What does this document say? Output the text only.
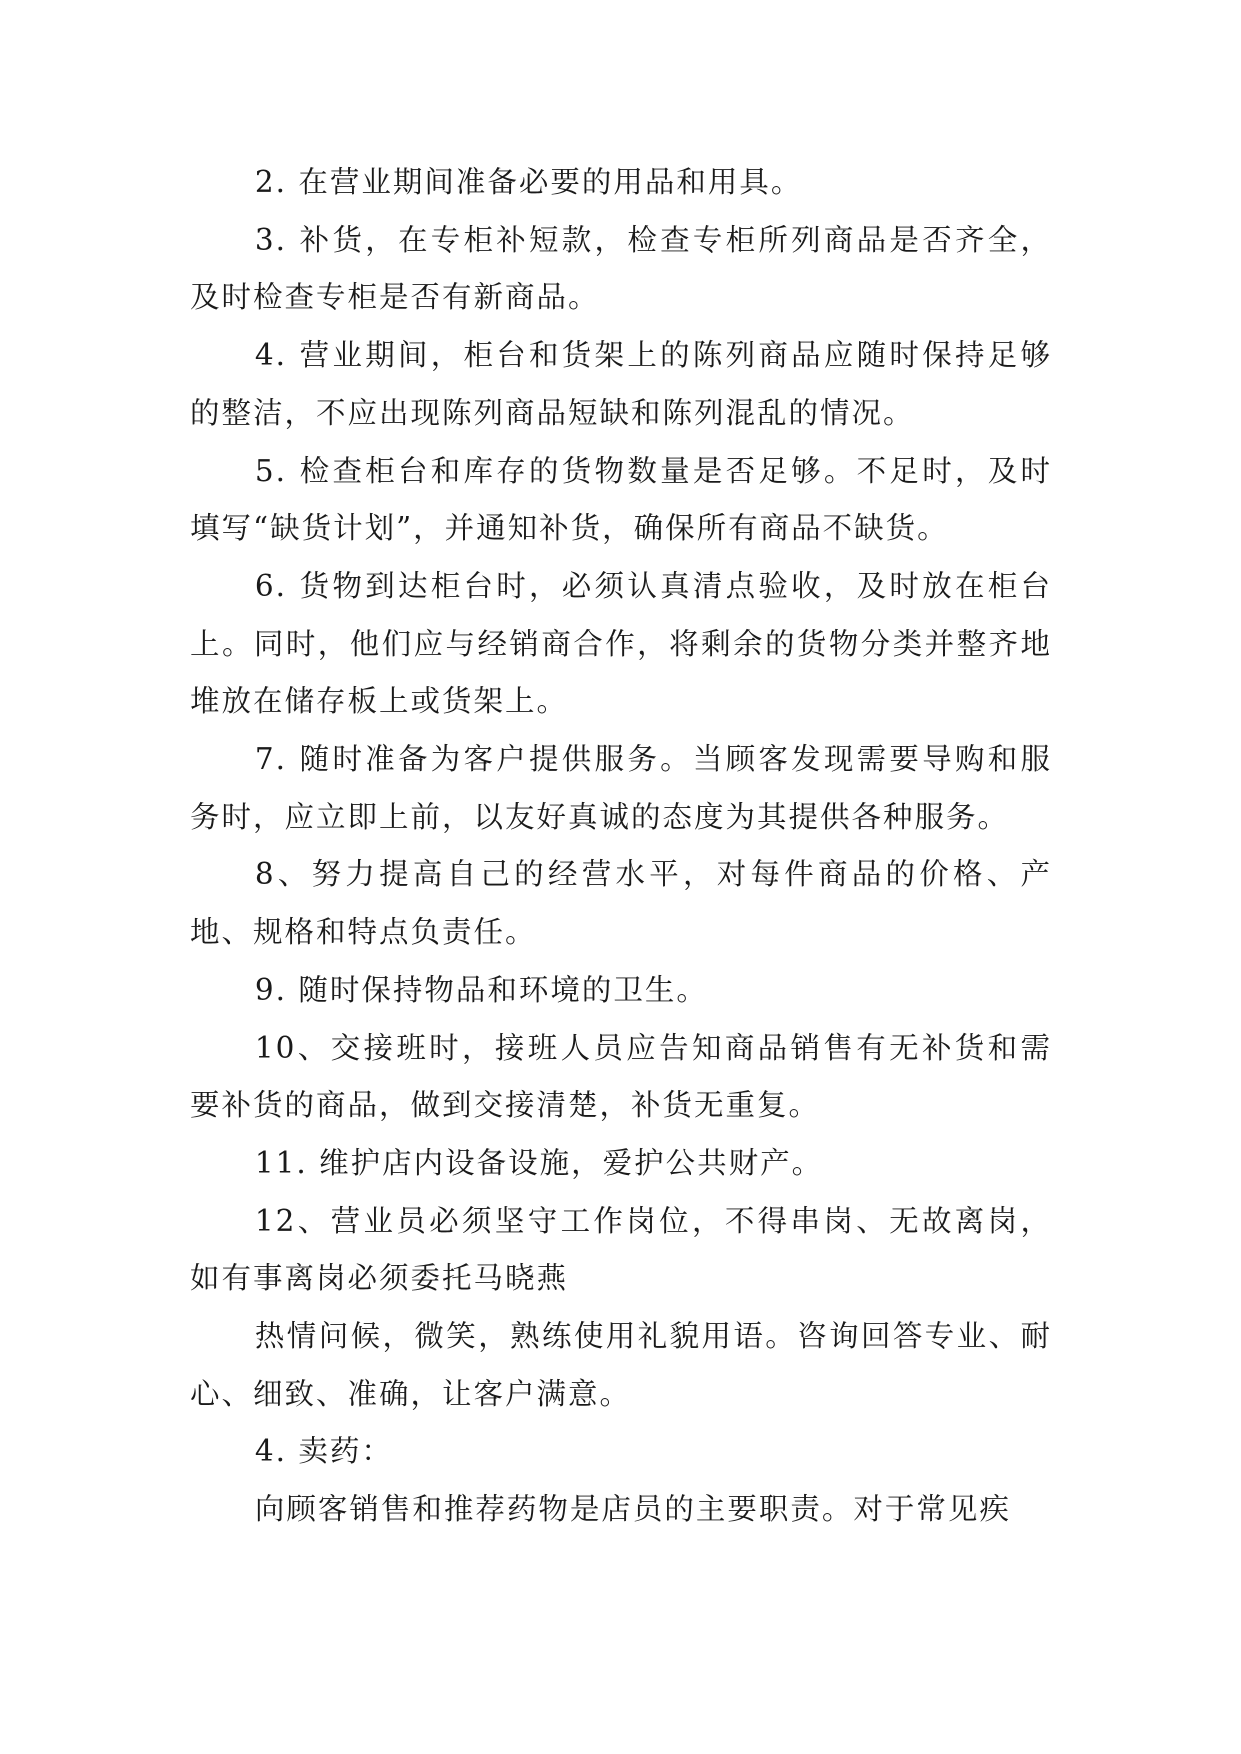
2. 在营业期间准备必要的用品和用具。

3. 补货，在专柜补短款，检查专柜所列商品是否齐全，及时检查专柜是否有新商品。

4. 营业期间，柜台和货架上的陈列商品应随时保持足够的整洁，不应出现陈列商品短缺和陈列混乱的情况。

5. 检查柜台和库存的货物数量是否足够。不足时，及时填写“缺货计划”，并通知补货，确保所有商品不缺货。

6. 货物到达柜台时，必须认真清点验收，及时放在柜台上。同时，他们应与经销商合作，将剩余的货物分类并整齐地堆放在储存板上或货架上。

7. 随时准备为客户提供服务。当顾客发现需要导购和服务时，应立即上前，以友好真诚的态度为其提供各种服务。

8、努力提高自己的经营水平，对每件商品的价格、产地、规格和特点负责任。

9. 随时保持物品和环境的卫生。

10、交接班时，接班人员应告知商品销售有无补货和需要补货的商品，做到交接清楚，补货无重复。

11. 维护店内设备设施，爱护公共财产。

12、营业员必须坚守工作岗位，不得串岗、无故离岗，如有事离岗必须委托马晓燕

热情问候，微笑，熟练使用礼貌用语。咨询回答专业、耐心、细致、准确，让客户满意。

4. 卖药：

向顾客销售和推荐药物是店员的主要职责。对于常见疾
